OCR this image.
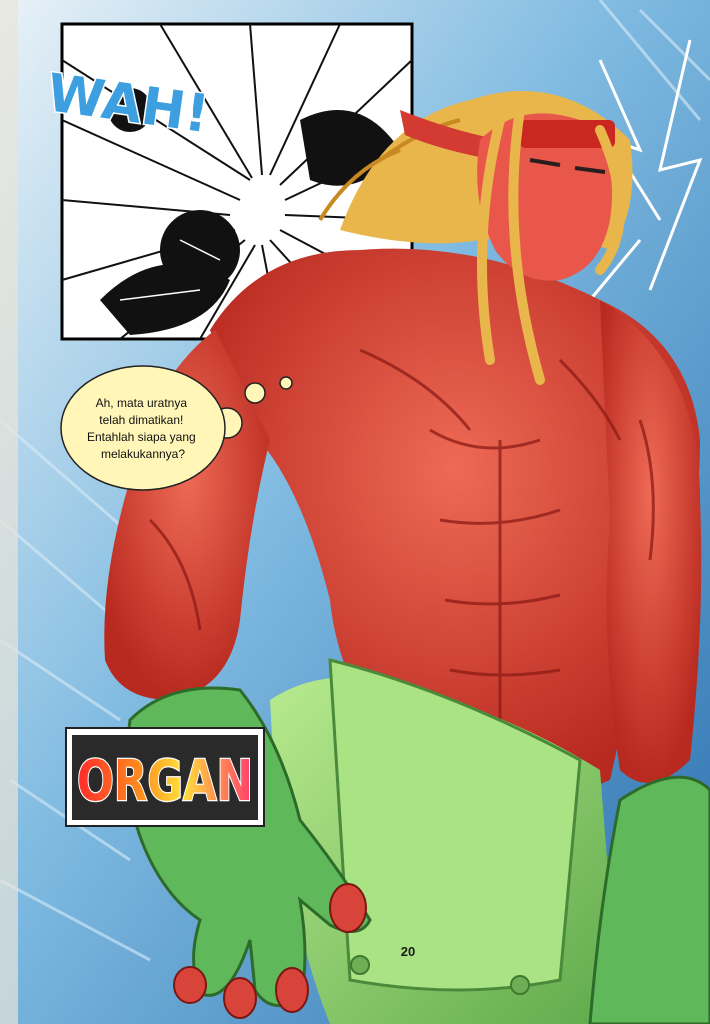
WAH!
Ah, mata uratnya telah dimatikan! Entahlah siapa yang melakukannya?
ORGAN
20
